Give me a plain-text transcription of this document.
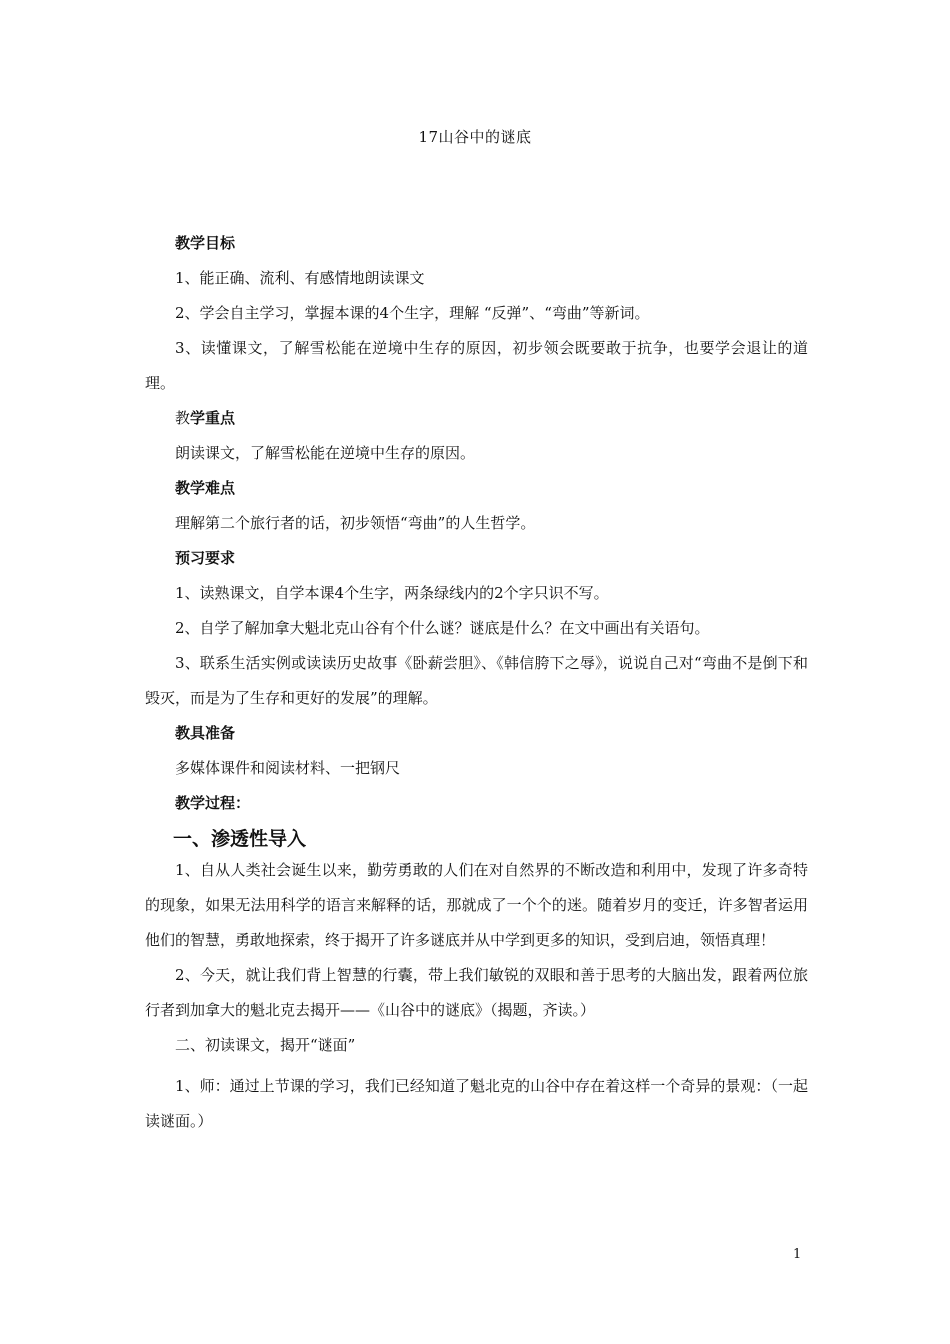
17山谷中的谜底

教学目标

1、能正确、流利、有感情地朗读课文

2、学会自主学习，掌握本课的4个生字，理解 “反弹”、“弯曲”等新词。

3、读懂课文，了解雪松能在逆境中生存的原因，初步领会既要敢于抗争，也要学会退让的道理。

教学重点

朗读课文，了解雪松能在逆境中生存的原因。

教学难点

理解第二个旅行者的话，初步领悟“弯曲”的人生哲学。

预习要求

1、读熟课文，自学本课4个生字，两条绿线内的2个字只识不写。

2、自学了解加拿大魁北克山谷有个什么谜？谜底是什么？在文中画出有关语句。

3、联系生活实例或读读历史故事《卧薪尝胆》、《韩信胯下之辱》，说说自己对“弯曲不是倒下和毁灭，而是为了生存和更好的发展”的理解。

教具准备

多媒体课件和阅读材料、一把钢尺

教学过程：

一、渗透性导入

1、自从人类社会诞生以来，勤劳勇敢的人们在对自然界的不断改造和利用中，发现了许多奇特的现象，如果无法用科学的语言来解释的话，那就成了一个个的迷。随着岁月的变迁，许多智者运用他们的智慧，勇敢地探索，终于揭开了许多谜底并从中学到更多的知识，受到启迪，领悟真理！

2、今天，就让我们背上智慧的行囊，带上我们敏锐的双眼和善于思考的大脑出发，跟着两位旅行者到加拿大的魁北克去揭开——《山谷中的谜底》（揭题，齐读。）

二、初读课文，揭开“谜面”

1、师：通过上节课的学习，我们已经知道了魁北克的山谷中存在着这样一个奇异的景观：（一起读谜面。）

1
